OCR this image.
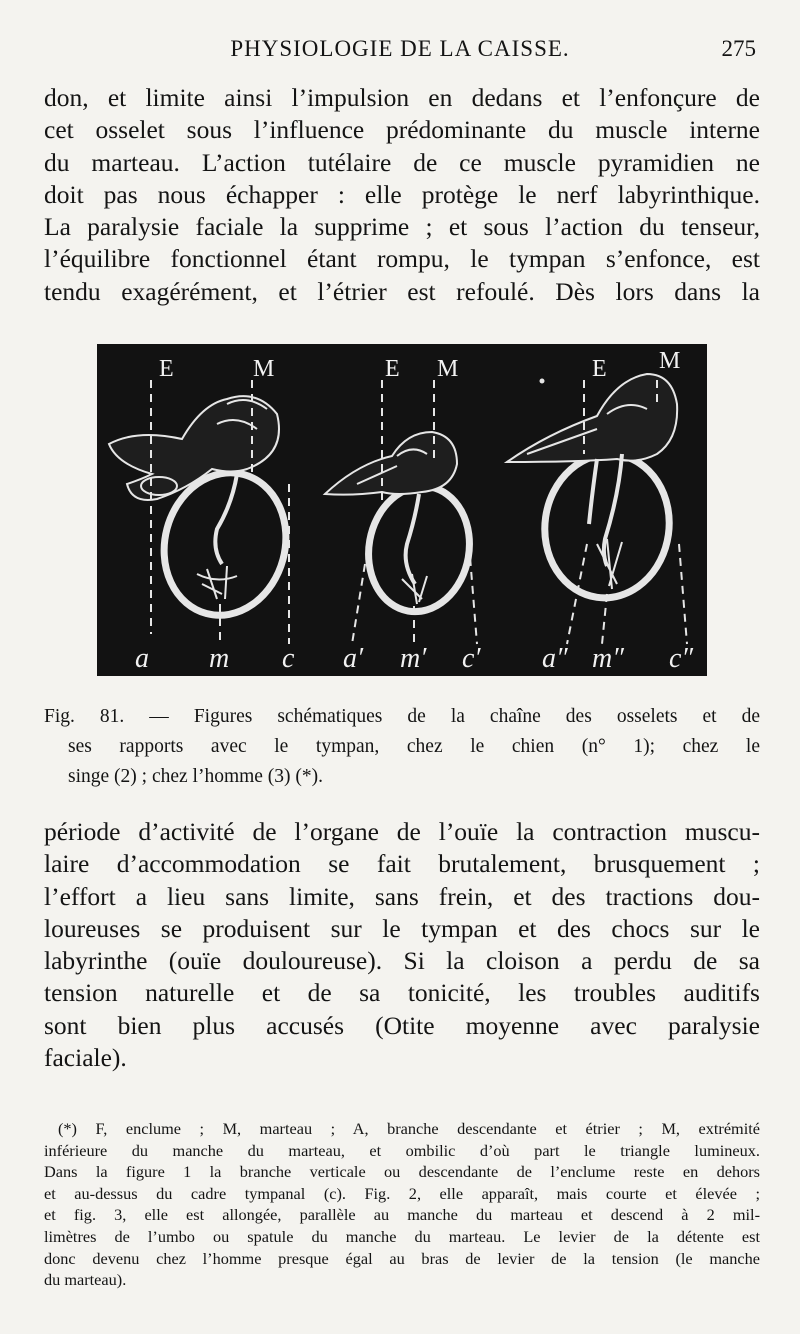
PHYSIOLOGIE DE LA CAISSE.	275

don, et limite ainsi l’impulsion en dedans et l’enfonçure de
cet osselet sous l’influence prédominante du muscle interne
du marteau. L’action tutélaire de ce muscle pyramidien ne
doit pas nous échapper : elle protège le nerf labyrinthique.
La paralysie faciale la supprime ; et sous l’action du tenseur,
l’équilibre fonctionnel étant rompu, le tympan s’enfonce, est
tendu exagérément, et l’étrier est refoulé. Dès lors dans la

E	M	E M	E M
a m c a′ m′ c′ a″ m″ c″

Fig. 81. — Figures schématiques de la chaîne des osselets et de
ses rapports avec le tympan, chez le chien (n° 1); chez le
singe (2) ; chez l’homme (3) (*).

période d’activité de l’organe de l’ouïe la contraction muscu-
laire d’accommodation se fait brutalement, brusquement ;
l’effort a lieu sans limite, sans frein, et des tractions dou-
loureuses se produisent sur le tympan et des chocs sur le
labyrinthe (ouïe douloureuse). Si la cloison a perdu de sa
tension naturelle et de sa tonicité, les troubles auditifs
sont bien plus accusés (Otite moyenne avec paralysie
faciale).

(*) F, enclume ; M, marteau ; A, branche descendante et étrier ; M, extrémité
inférieure du manche du marteau, et ombilic d’où part le triangle lumineux.
Dans la figure 1 la branche verticale ou descendante de l’enclume reste en dehors
et au-dessus du cadre tympanal (c). Fig. 2, elle apparaît, mais courte et élevée ;
et fig. 3, elle est allongée, parallèle au manche du marteau et descend à 2 mil-
limètres de l’umbo ou spatule du manche du marteau. Le levier de la détente est
donc devenu chez l’homme presque égal au bras de levier de la tension (le manche
du marteau).
